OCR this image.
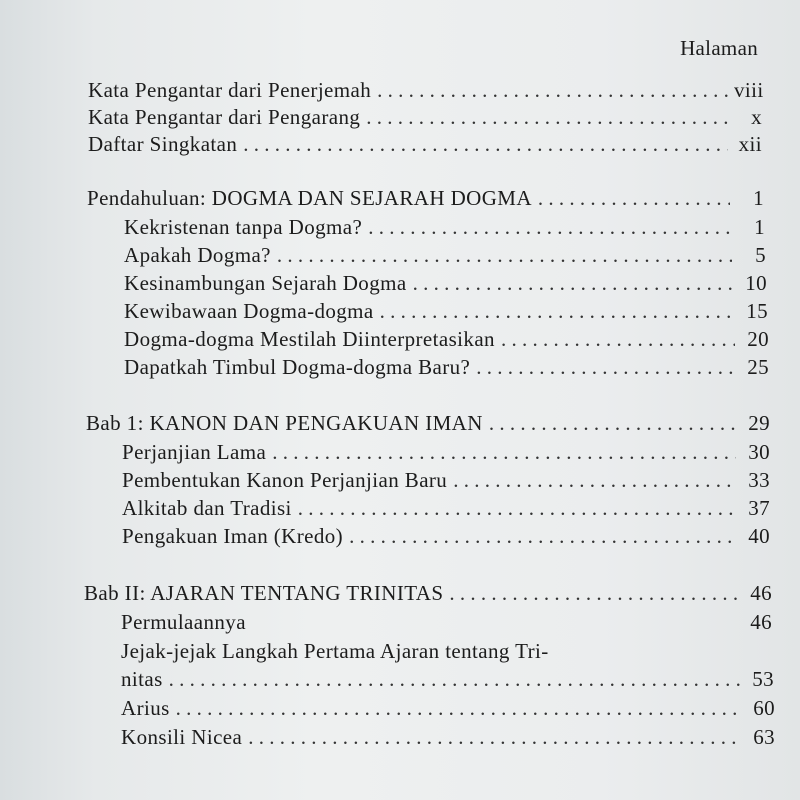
Halaman
Kata Pengantar dari Penerjemah . . .	viii
Kata Pengantar dari Pengarang . . .	x
Daftar Singkatan . . .	xii
Pendahuluan: DOGMA DAN SEJARAH DOGMA . . .	1
Kekristenan tanpa Dogma? . . .	1
Apakah Dogma? . . .	5
Kesinambungan Sejarah Dogma . . .	10
Kewibawaan Dogma-dogma . . .	15
Dogma-dogma Mestilah Diinterpretasikan . . .	20
Dapatkah Timbul Dogma-dogma Baru? . . .	25
Bab 1: KANON DAN PENGAKUAN IMAN . . .	29
Perjanjian Lama . . .	30
Pembentukan Kanon Perjanjian Baru . . .	33
Alkitab dan Tradisi . . .	37
Pengakuan Iman (Kredo) . . .	40
Bab II: AJARAN TENTANG TRINITAS . . .	46
Permulaannya	46
Jejak-jejak Langkah Pertama Ajaran tentang Tri-
nitas . . .	53
Arius . . .	60
Konsili Nicea . . .	63
